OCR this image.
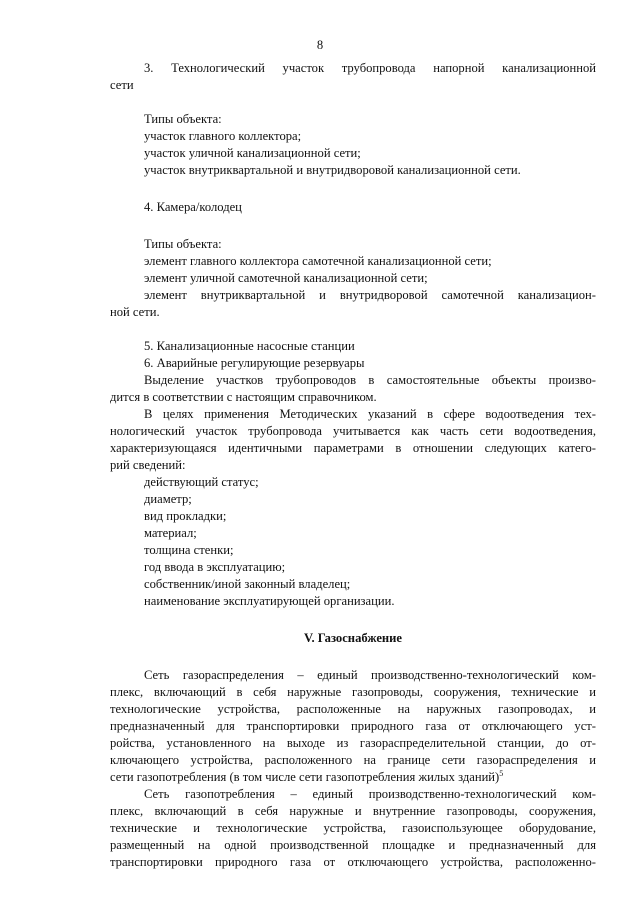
8

3. Технологический участок трубопровода напорной канализационной

сети

Типы объекта:

участок главного коллектора;

участок уличной канализационной сети;

участок внутриквартальной и внутридворовой канализационной сети.

4. Камера/колодец

Типы объекта:

элемент главного коллектора самотечной канализационной сети;

элемент уличной самотечной канализационной сети;

элемент внутриквартальной и внутридворовой самотечной канализацион-

ной сети.

5. Канализационные насосные станции

6. Аварийные регулирующие резервуары

Выделение участков трубопроводов в самостоятельные объекты произво-

дится в соответствии с настоящим справочником.

В целях применения Методических указаний в сфере водоотведения тех-

нологический участок трубопровода учитывается как часть сети водоотведения,

характеризующаяся идентичными параметрами в отношении следующих катего-

рий сведений:

действующий статус;

диаметр;

вид прокладки;

материал;

толщина стенки;

год ввода в эксплуатацию;

собственник/иной законный владелец;

наименование эксплуатирующей организации.

V. Газоснабжение

Сеть газораспределения – единый производственно-технологический ком-

плекс, включающий в себя наружные газопроводы, сооружения, технические и

технологические устройства, расположенные на наружных газопроводах, и

предназначенный для транспортировки природного газа от отключающего уст-

ройства, установленного на выходе из газораспределительной станции, до от-

ключающего устройства, расположенного на границе сети газораспределения и

сети газопотребления (в том числе сети газопотребления жилых зданий)$^5$

Сеть газопотребления – единый производственно-технологический ком-

плекс, включающий в себя наружные и внутренние газопроводы, сооружения,

технические и технологические устройства, газоиспользующее оборудование,

размещенный на одной производственной площадке и предназначенный для

транспортировки природного газа от отключающего устройства, расположенно-
